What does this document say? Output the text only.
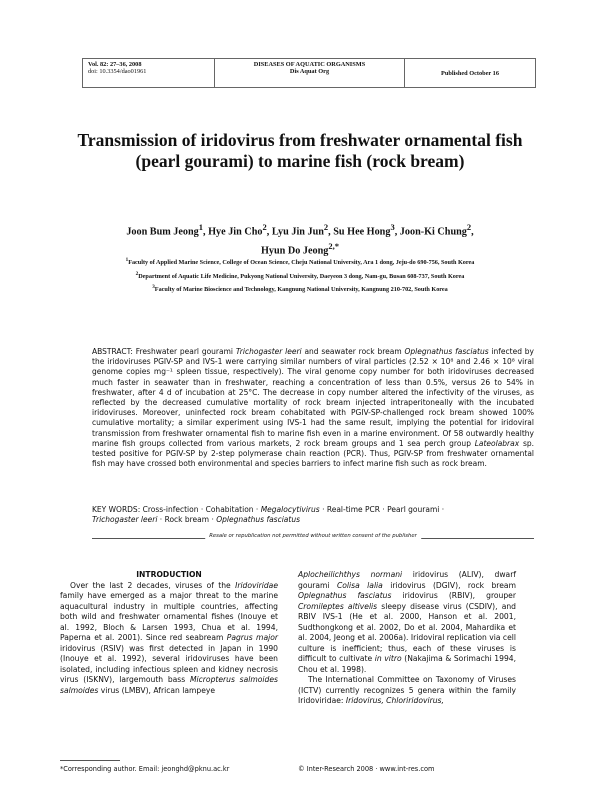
Vol. 82: 27–36, 2008
doi: 10.3354/dao01961
DISEASES OF AQUATIC ORGANISMS
Dis Aquat Org	Published October 16
Transmission of iridovirus from freshwater ornamental fish (pearl gourami) to marine fish (rock bream)
Joon Bum Jeong$^1$, Hye Jin Cho$^2$, Lyu Jin Jun$^2$, Su Hee Hong$^3$, Joon-Ki Chung$^2$,
Hyun Do Jeong$^{2,*}$
$^1$Faculty of Applied Marine Science, College of Ocean Science, Cheju National University, Ara 1 dong, Jeju-do 690-756, South Korea
$^2$Department of Aquatic Life Medicine, Pukyong National University, Daeyeon 3 dong, Nam-gu, Busan 608-737, South Korea
$^3$Faculty of Marine Bioscience and Technology, Kangnung National University, Kangnung 210-702, South Korea
ABSTRACT: Freshwater pearl gourami Trichogaster leeri and seawater rock bream Oplegnathus fasciatus infected by the iridoviruses PGIV-SP and IVS-1 were carrying similar numbers of viral particles (2.52 × 10⁸ and 2.46 × 10⁸ viral genome copies mg⁻¹ spleen tissue, respectively). The viral genome copy number for both iridoviruses decreased much faster in seawater than in freshwater, reaching a concentration of less than 0.5%, versus 26 to 54% in freshwater, after 4 d of incubation at 25°C. The decrease in copy number altered the infectivity of the viruses, as reflected by the decreased cumulative mortality of rock bream injected intraperitoneally with the incubated iridoviruses. Moreover, uninfected rock bream cohabitated with PGIV-SP-challenged rock bream showed 100% cumulative mortality; a similar experiment using IVS-1 had the same result, implying the potential for iridoviral transmission from freshwater ornamental fish to marine fish even in a marine environment. Of 58 outwardly healthy marine fish groups collected from various markets, 2 rock bream groups and 1 sea perch group Lateolabrax sp. tested positive for PGIV-SP by 2-step polymerase chain reaction (PCR). Thus, PGIV-SP from freshwater ornamental fish may have crossed both environmental and species barriers to infect marine fish such as rock bream.
KEY WORDS: Cross-infection · Cohabitation · Megalocytivirus · Real-time PCR · Pearl gourami ·
Trichogaster leeri · Rock bream · Oplegnathus fasciatus
Resale or republication not permitted without written consent of the publisher

INTRODUCTION

Over the last 2 decades, viruses of the Iridoviridae family have emerged as a major threat to the marine aquacultural industry in multiple countries, affecting both wild and freshwater ornamental fishes (Inouye et al. 1992, Bloch & Larsen 1993, Chua et al. 1994, Paperna et al. 2001). Since red seabream Pagrus major iridovirus (RSIV) was first detected in Japan in 1990 (Inouye et al. 1992), several iridoviruses have been isolated, including infectious spleen and kidney necrosis virus (ISKNV), largemouth bass Micropterus salmoides salmoides virus (LMBV), African lampeye

Aplocheilichthys normani iridovirus (ALIV), dwarf gourami Colisa lalia iridovirus (DGIV), rock bream Oplegnathus fasciatus iridovirus (RBIV), grouper Cromileptes altivelis sleepy disease virus (CSDIV), and RBIV IVS-1 (He et al. 2000, Hanson et al. 2001, Sudthongkong et al. 2002, Do et al. 2004, Mahardika et al. 2004, Jeong et al. 2006a). Iridoviral replication via cell culture is inefficient; thus, each of these viruses is difficult to cultivate in vitro (Nakajima & Sorimachi 1994, Chou et al. 1998).

The International Committee on Taxonomy of Viruses (ICTV) currently recognizes 5 genera within the family Iridoviridae: Iridovirus, Chloriridovirus,

*Corresponding author. Email: jeonghd@pknu.ac.kr	© Inter-Research 2008 · www.int-res.com
